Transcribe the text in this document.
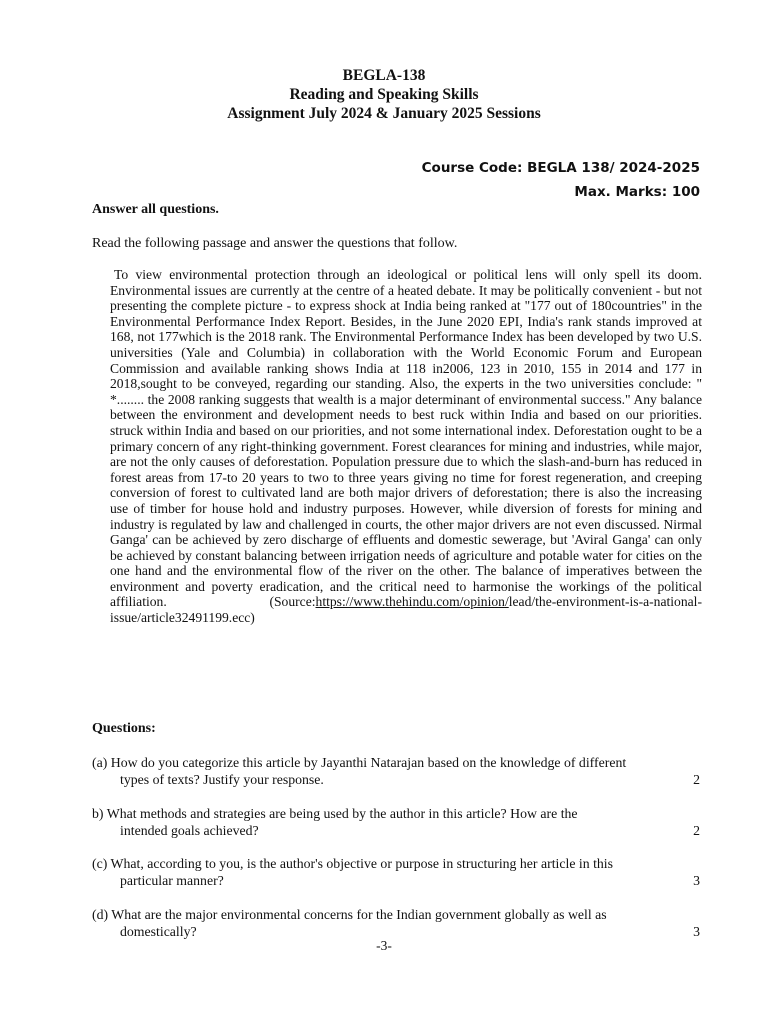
BEGLA-138
Reading and Speaking Skills
Assignment July 2024 & January 2025 Sessions
Course Code: BEGLA 138/ 2024-2025
Max. Marks: 100
Answer all questions.
Read the following passage and answer the questions that follow.

To view environmental protection through an ideological or political lens will only spell its doom. Environmental issues are currently at the centre of a heated debate. It may be politically convenient - but not presenting the complete picture - to express shock at India being ranked at "177 out of 180countries" in the Environmental Performance Index Report. Besides, in the June 2020 EPI, India's rank stands improved at 168, not 177which is the 2018 rank. The Environmental Performance Index has been developed by two U.S. universities (Yale and Columbia) in collaboration with the World Economic Forum and European Commission and available ranking shows India at 118 in2006, 123 in 2010, 155 in 2014 and 177 in 2018,sought to be conveyed, regarding our standing. Also, the experts in the two universities conclude: " *........ the 2008 ranking suggests that wealth is a major determinant of environmental success." Any balance between the environment and development needs to best ruck within India and based on our priorities. struck within India and based on our priorities, and not some international index. Deforestation ought to be a primary concern of any right-thinking government. Forest clearances for mining and industries, while major, are not the only causes of deforestation. Population pressure due to which the slash-and-burn has reduced in forest areas from 17-to 20 years to two to three years giving no time for forest regeneration, and creeping conversion of forest to cultivated land are both major drivers of deforestation; there is also the increasing use of timber for house hold and industry purposes. However, while diversion of forests for mining and industry is regulated by law and challenged in courts, the other major drivers are not even discussed. Nirmal Ganga' can be achieved by zero discharge of effluents and domestic sewerage, but 'Aviral Ganga' can only be achieved by constant balancing between irrigation needs of agriculture and potable water for cities on the one hand and the environmental flow of the river on the other. The balance of imperatives between the environment and poverty eradication, and the critical need to harmonise the workings of the political affiliation.	(Source:https://www.thehindu.com/opinion/lead/the-environment-is-a-national-issue/article32491199.ecc)

Questions:
(a) How do you categorize this article by Jayanthi Natarajan based on the knowledge of different
types of texts? Justify your response.	2
b) What methods and strategies are being used by the author in this article? How are the
intended goals achieved?	2
(c) What, according to you, is the author's objective or purpose in structuring her article in this
particular manner?	3
(d) What are the major environmental concerns for the Indian government globally as well as
domestically?	3
-3-
